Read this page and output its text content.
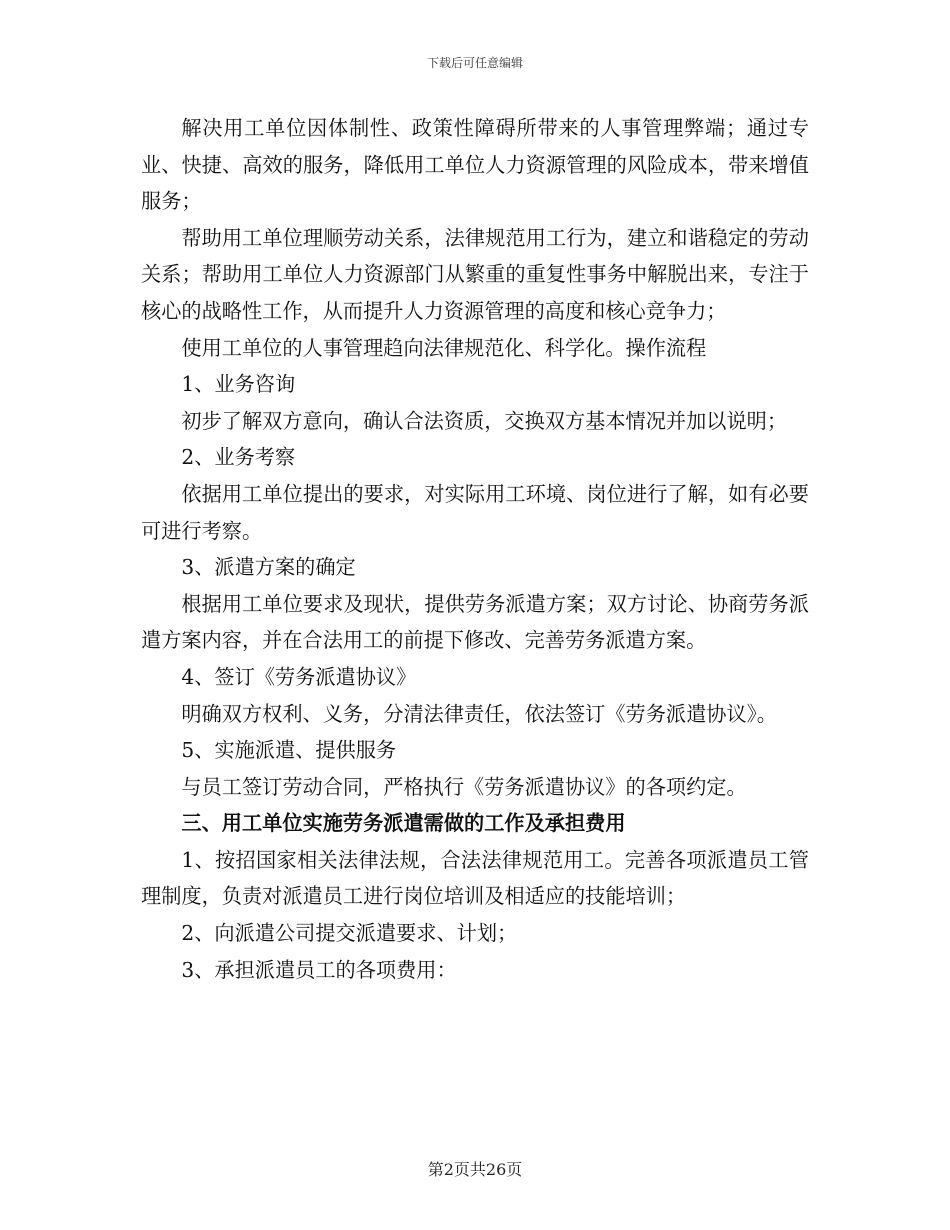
下载后可任意编辑

解决用工单位因体制性、政策性障碍所带来的人事管理弊端；通过专业、快捷、高效的服务，降低用工单位人力资源管理的风险成本，带来增值服务；

帮助用工单位理顺劳动关系，法律规范用工行为，建立和谐稳定的劳动关系；帮助用工单位人力资源部门从繁重的重复性事务中解脱出来，专注于核心的战略性工作，从而提升人力资源管理的高度和核心竞争力；

使用工单位的人事管理趋向法律规范化、科学化。操作流程

1、业务咨询

初步了解双方意向，确认合法资质，交换双方基本情况并加以说明；

2、业务考察

依据用工单位提出的要求，对实际用工环境、岗位进行了解，如有必要可进行考察。

3、派遣方案的确定

根据用工单位要求及现状，提供劳务派遣方案；双方讨论、协商劳务派遣方案内容，并在合法用工的前提下修改、完善劳务派遣方案。

4、签订《劳务派遣协议》

明确双方权利、义务，分清法律责任，依法签订《劳务派遣协议》。

5、实施派遣、提供服务

与员工签订劳动合同，严格执行《劳务派遣协议》的各项约定。

三、用工单位实施劳务派遣需做的工作及承担费用

1、按招国家相关法律法规，合法法律规范用工。完善各项派遣员工管理制度，负责对派遣员工进行岗位培训及相适应的技能培训；

2、向派遣公司提交派遣要求、计划；

3、承担派遣员工的各项费用：

第2页共26页
